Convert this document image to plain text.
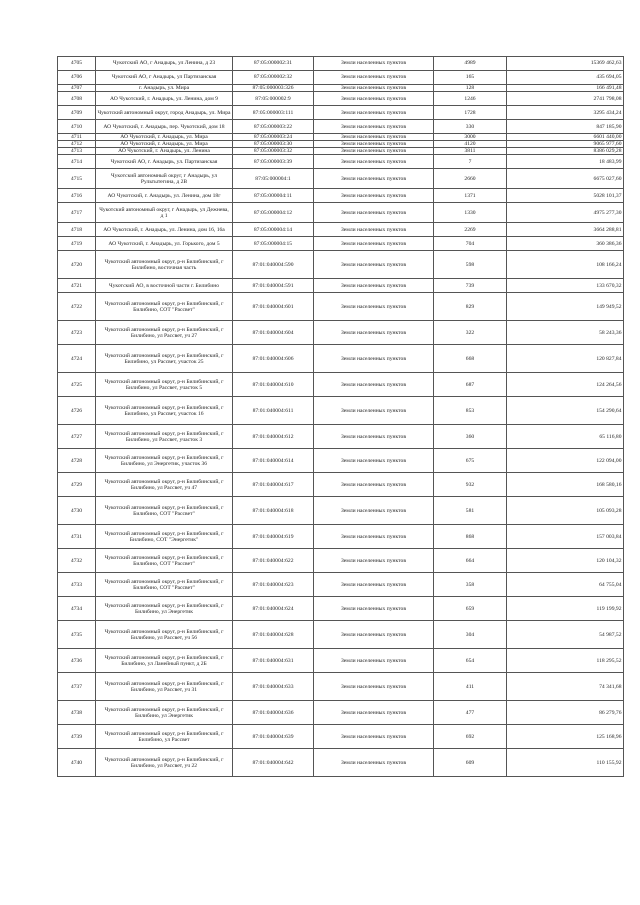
4705	Чукотский АО, г Анадырь, ул Ленина, д 23	87:05:000002:31	Земли населенных пунктов	4989	15369 462,63
4706	Чукотский АО, г Анадырь, ул Партизанская	87:05:000002:32	Земли населенных пунктов	165	435 694,05
4707	г. Анадырь, ул. Мира	87:05:000003:326	Земли населенных пунктов	128	166 491,48
4708	АО Чукотский, г. Анадырь, ул. Ленина, дом 9	87:05:000002:9	Земли населенных пунктов	1246	2741 798,08
4709	Чукотский автономный округ, город Анадырь, ул. Мира	87:05:000003:111	Земли населенных пунктов	1728	3295 434,24
4710	АО Чукотский, г. Анадырь, пер. Чукотский, дом 18	87:05:000003:22	Земли населенных пунктов	330	847 185,90
4711	АО Чукотский, г. Анадырь, ул. Мира	87:05:000003:24	Земли населенных пунктов	3000	6601 440,00
4712	АО Чукотский, г. Анадырь, ул. Мира	87:05:000003:30	Земли населенных пунктов	4120	9065 977,60
4713	АО Чукотский, г. Анадырь, ул. Ленина	87:05:000003:32	Земли населенных пунктов	3811	8386 029,28
4714	Чукотский АО, г. Анадырь, ул. Партизанская	87:05:000003:39	Земли населенных пунктов	7	18 483,99
4715	Чукотский автономный округ, г Анадырь, ул Рультытегина, д 2В	87:05:000004:1	Земли населенных пунктов	2660	6675 027,60
4716	АО Чукотский, г. Анадырь, ул. Ленина, дом 18г	87:05:000004:11	Земли населенных пунктов	1371	5028 101,37
4717	Чукотский автономный округ, г Анадырь, ул Дежнева, д 1	87:05:000004:12	Земли населенных пунктов	1330	4975 277,30
4718	АО Чукотский, г. Анадырь, ул. Ленина, дом 16, 16а	87:05:000004:14	Земли населенных пунктов	2269	3664 288,81
4719	АО Чукотский, г. Анадырь, ул. Горького, дом 5	87:05:000004:15	Земли населенных пунктов	704	360 386,36
4720	Чукотский автономный округ, р-н Билибинский, г Билибино, восточная часть	87:01:040004:590	Земли населенных пунктов	598	108 166,24
4721	Чукотский АО, в восточной части г. Билибино	87:01:040004:591	Земли населенных пунктов	739	133 670,32
4722	Чукотский автономный округ, р-н Билибинский, г Билибино, СОТ "Рассвет"	87:01:040004:601	Земли населенных пунктов	829	149 949,52
4723	Чукотский автономный округ, р-н Билибинский, г Билибино, ул Рассвет, уч 27	87:01:040004:604	Земли населенных пунктов	322	58 243,36
4724	Чукотский автономный округ, р-н Билибинский, г Билибино, ул Рассвет, участок 25	87:01:040004:606	Земли населенных пунктов	668	120 827,84
4725	Чукотский автономный округ, р-н Билибинский, г Билибино, ул Рассвет, участок 5	87:01:040004:610	Земли населенных пунктов	687	124 264,56
4726	Чукотский автономный округ, р-н Билибинский, г Билибино, ул Рассвет, участок 16	87:01:040004:611	Земли населенных пунктов	853	154 290,64
4727	Чукотский автономный округ, р-н Билибинский, г Билибино, ул Рассвет, участок 3	87:01:040004:612	Земли населенных пунктов	360	65 116,80
4728	Чукотский автономный округ, р-н Билибинский, г Билибино, ул Энергетик, участок 36	87:01:040004:614	Земли населенных пунктов	675	122 094,00
4729	Чукотский автономный округ, р-н Билибинский, г Билибино, ул Рассвет, уч 47	87:01:040004:617	Земли населенных пунктов	932	168 580,16
4730	Чукотский автономный округ, р-н Билибинский, г Билибино, СОТ "Рассвет"	87:01:040004:618	Земли населенных пунктов	581	105 093,28
4731	Чукотский автономный округ, р-н Билибинский, г Билибино, СОТ "Энергетик"	87:01:040004:619	Земли населенных пунктов	868	157 003,84
4732	Чукотский автономный округ, р-н Билибинский, г Билибино, СОТ "Рассвет"	87:01:040004:622	Земли населенных пунктов	664	120 104,32
4733	Чукотский автономный округ, р-н Билибинский, г Билибино, СОТ "Рассвет"	87:01:040004:623	Земли населенных пунктов	358	64 755,04
4734	Чукотский автономный округ, р-н Билибинский, г Билибино, ул Энергетик	87:01:040004:624	Земли населенных пунктов	659	119 199,92
4735	Чукотский автономный округ, р-н Билибинский, г Билибино, ул Рассвет, уч 56	87:01:040004:628	Земли населенных пунктов	304	54 987,52
4736	Чукотский автономный округ, р-н Билибинский, г Билибино, ул Ланейный пункт, д 2Б	87:01:040004:631	Земли населенных пунктов	654	118 295,52
4737	Чукотский автономный округ, р-н Билибинский, г Билибино, ул Рассвет, уч 31	87:01:040004:633	Земли населенных пунктов	411	74 341,68
4738	Чукотский автономный округ, р-н Билибинский, г Билибино, ул Энергетик	87:01:040004:636	Земли населенных пунктов	477	86 279,76
4739	Чукотский автономный округ, р-н Билибинский, г Билибино, ул Рассвет	87:01:040004:639	Земли населенных пунктов	692	125 168,96
4740	Чукотский автономный округ, р-н Билибинский, г Билибино, ул Рассвет, уч 22	87:01:040004:642	Земли населенных пунктов	609	110 155,92
